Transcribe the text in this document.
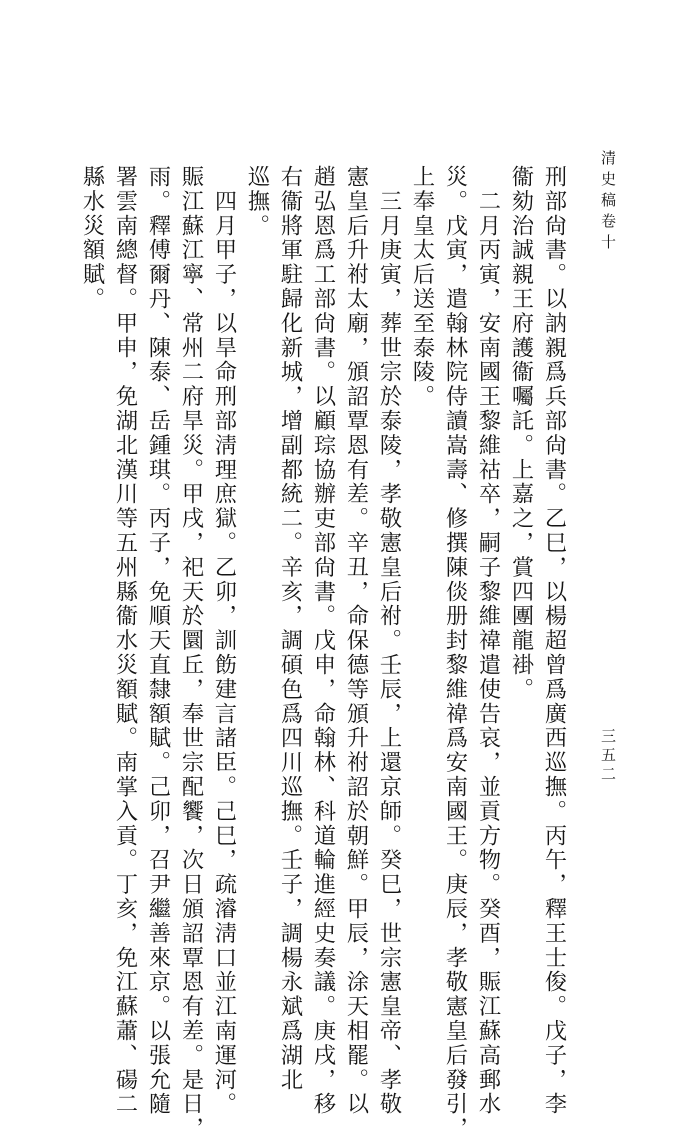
清史稿卷十
三五二
刑部尙書。以訥親爲兵部尙書。乙巳，以楊超曾爲廣西巡撫。丙午，釋王士俊。戊子，李
衞劾治誠親王府護衞囑託。上嘉之，賞四團龍褂。
　二月丙寅，安南國王黎維祜卒，嗣子黎維禕遣使告哀，並貢方物。癸酉，賑江蘇高郵水
災。戊寅，遣翰林院侍讀嵩壽、修撰陳倓册封黎維禕爲安南國王。庚辰，孝敬憲皇后發引，
上奉皇太后送至泰陵。
　三月庚寅，葬世宗於泰陵，孝敬憲皇后祔。壬辰，上還京師。癸巳，世宗憲皇帝、孝敬
憲皇后升祔太廟，頒詔覃恩有差。辛丑，命保德等頒升祔詔於朝鮮。甲辰，涂天相罷。以
趙弘恩爲工部尙書。以顧琮協辦吏部尙書。戊申，命翰林、科道輪進經史奏議。庚戌，移
右衞將軍駐歸化新城，增副都統二。辛亥，調碩色爲四川巡撫。壬子，調楊永斌爲湖北
巡撫。
　四月甲子，以旱命刑部淸理庶獄。乙卯，訓飭建言諸臣。己巳，疏濬淸口並江南運河。
賑江蘇江寧、常州二府旱災。甲戌，祀天於圜丘，奉世宗配饗，次日頒詔覃恩有差。是日，
雨。釋傅爾丹、陳泰、岳鍾琪。丙子，免順天直隸額賦。己卯，召尹繼善來京。以張允隨
署雲南總督。甲申，免湖北漢川等五州縣衞水災額賦。南掌入貢。丁亥，免江蘇蕭、碭二
縣水災額賦。
